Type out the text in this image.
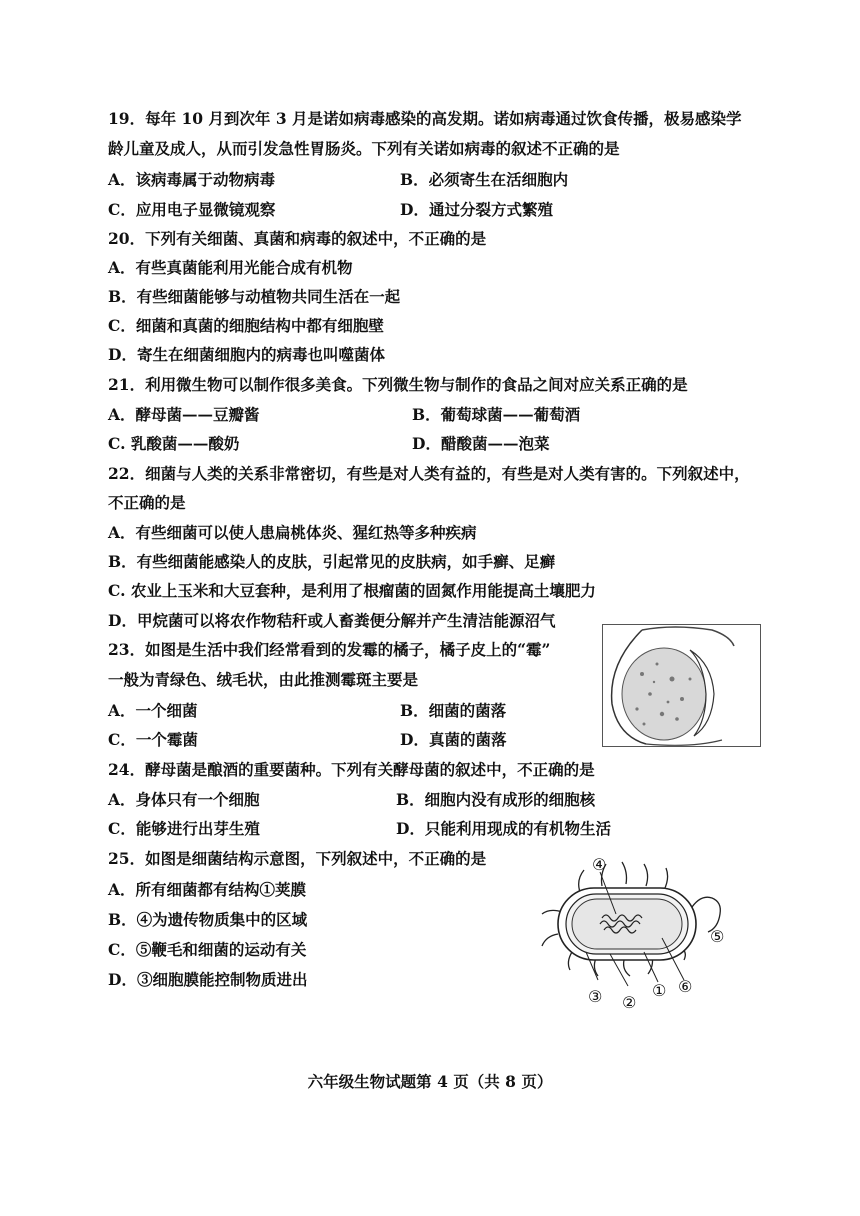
19．每年 10 月到次年 3 月是诺如病毒感染的高发期。诺如病毒通过饮食传播，极易感染学
龄儿童及成人，从而引发急性胃肠炎。下列有关诺如病毒的叙述不正确的是
A．该病毒属于动物病毒	B．必须寄生在活细胞内
C．应用电子显微镜观察	D．通过分裂方式繁殖
20．下列有关细菌、真菌和病毒的叙述中，不正确的是
A．有些真菌能利用光能合成有机物
B．有些细菌能够与动植物共同生活在一起
C．细菌和真菌的细胞结构中都有细胞壁
D．寄生在细菌细胞内的病毒也叫噬菌体
21．利用微生物可以制作很多美食。下列微生物与制作的食品之间对应关系正确的是
A．酵母菌——豆瓣酱	B．葡萄球菌——葡萄酒
C. 乳酸菌——酸奶	D．醋酸菌——泡菜
22．细菌与人类的关系非常密切，有些是对人类有益的，有些是对人类有害的。下列叙述中，
不正确的是
A．有些细菌可以使人患扁桃体炎、猩红热等多种疾病
B．有些细菌能感染人的皮肤，引起常见的皮肤病，如手癣、足癣
C. 农业上玉米和大豆套种，是利用了根瘤菌的固氮作用能提高土壤肥力
D．甲烷菌可以将农作物秸秆或人畜粪便分解并产生清洁能源沼气
23．如图是生活中我们经常看到的发霉的橘子，橘子皮上的“霉”
一般为青绿色、绒毛状，由此推测霉斑主要是
A．一个细菌	B．细菌的菌落
C．一个霉菌	D．真菌的菌落
24．酵母菌是酿酒的重要菌种。下列有关酵母菌的叙述中，不正确的是
A．身体只有一个细胞	B．细胞内没有成形的细胞核
C．能够进行出芽生殖	D．只能利用现成的有机物生活
25．如图是细菌结构示意图，下列叙述中，不正确的是
A．所有细菌都有结构①荚膜
B．④为遗传物质集中的区域
C．⑤鞭毛和细菌的运动有关
D．③细胞膜能控制物质进出
④
⑤
③ ②
① ⑥
六年级生物试题第 4 页（共 8 页）
